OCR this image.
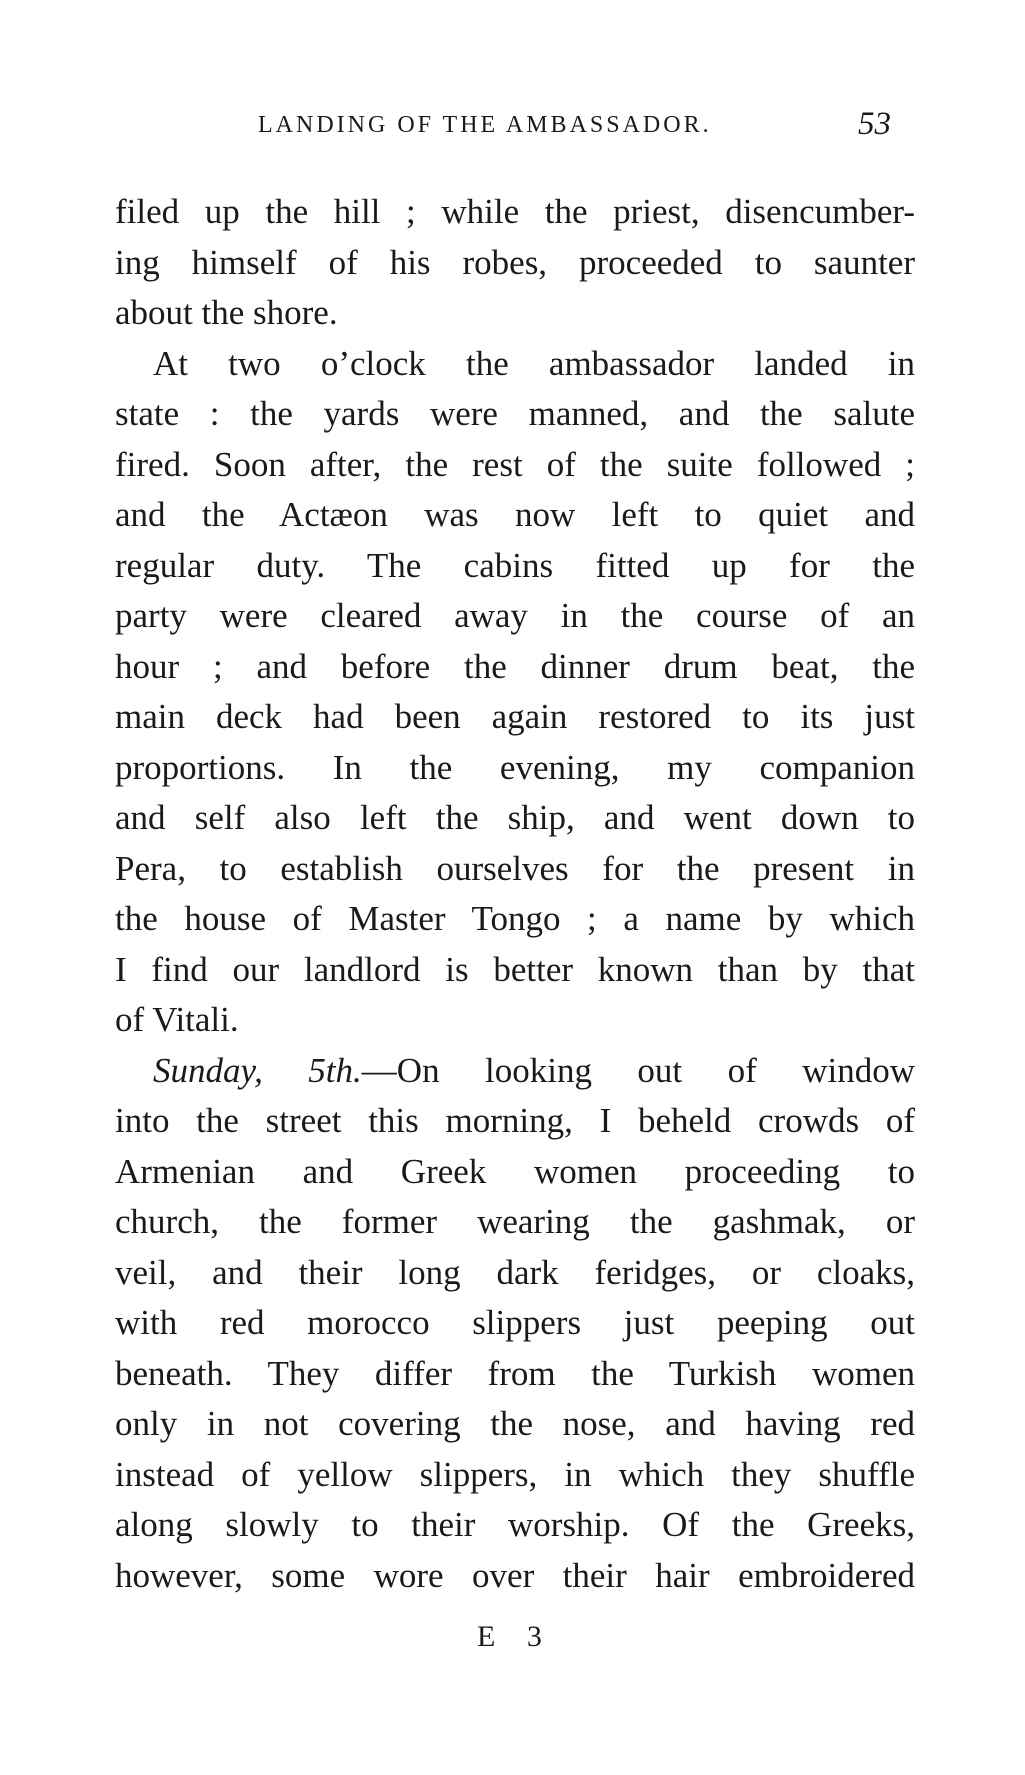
LANDING OF THE AMBASSADOR.	53
filed up the hill ; while the priest, disencumber-
ing himself of his robes, proceeded to saunter
about the shore.
At two o’clock the ambassador landed in
state : the yards were manned, and the salute
fired. Soon after, the rest of the suite followed ;
and the Actæon was now left to quiet and
regular duty. The cabins fitted up for the
party were cleared away in the course of an
hour ; and before the dinner drum beat, the
main deck had been again restored to its just
proportions. In the evening, my companion
and self also left the ship, and went down to
Pera, to establish ourselves for the present in
the house of Master Tongo ; a name by which
I find our landlord is better known than by that
of Vitali.
Sunday, 5th.—On looking out of window
into the street this morning, I beheld crowds of
Armenian and Greek women proceeding to
church, the former wearing the gashmak, or
veil, and their long dark feridges, or cloaks,
with red morocco slippers just peeping out
beneath. They differ from the Turkish women
only in not covering the nose, and having red
instead of yellow slippers, in which they shuffle
along slowly to their worship. Of the Greeks,
however, some wore over their hair embroidered
E 3
